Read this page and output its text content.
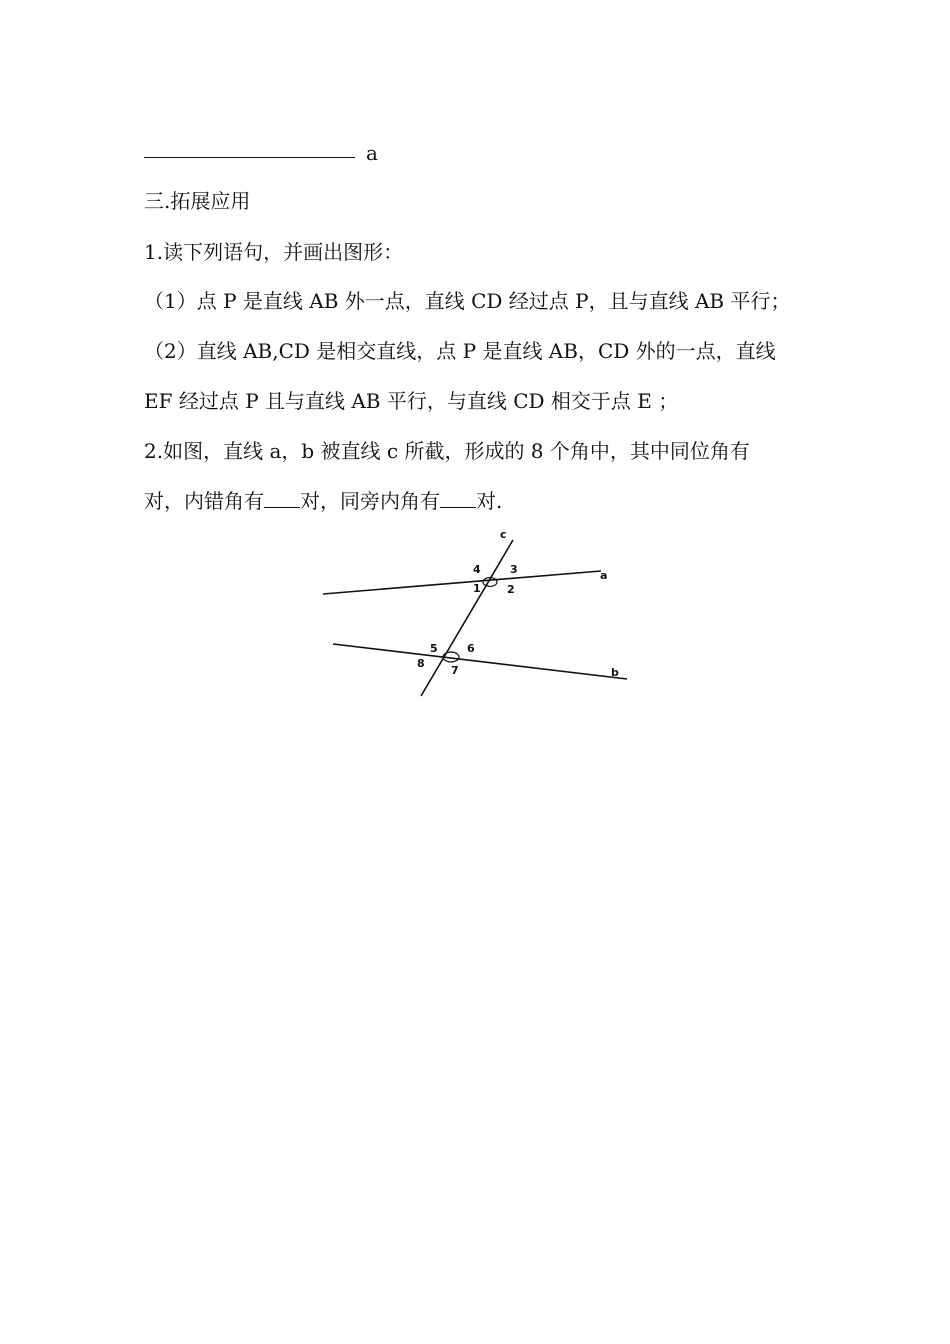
a
三.拓展应用
1.读下列语句，并画出图形：
（1）点 P 是直线 AB 外一点，直线 CD 经过点 P，且与直线 AB 平行；
（2）直线 AB,CD 是相交直线，点 P 是直线 AB，CD 外的一点，直线
EF 经过点 P 且与直线 AB 平行，与直线 CD 相交于点 E ；
2.如图，直线 a，b 被直线 c 所截，形成的 8 个角中，其中同位角有
对，内错角有 对，同旁内角有 对.
c
a
b
4	3
1 2
5	6
8
7
